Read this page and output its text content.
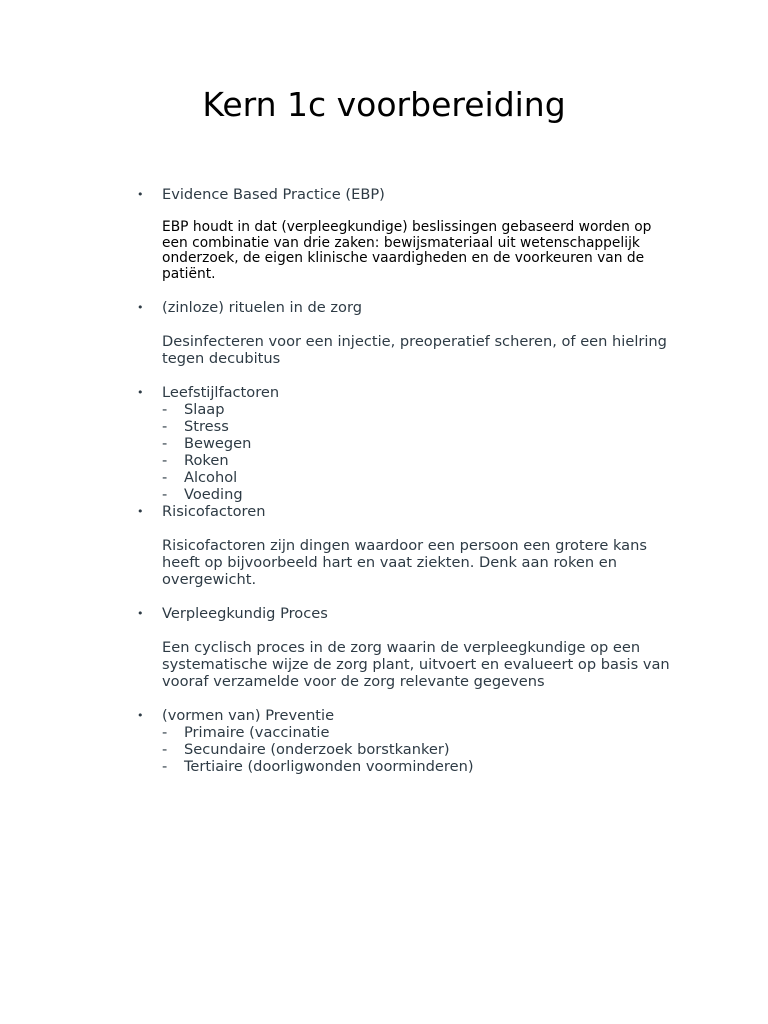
Kern 1c voorbereiding
•	Evidence Based Practice (EBP)
EBP houdt in dat (verpleegkundige) beslissingen gebaseerd worden op een combinatie van drie zaken: bewijsmateriaal uit wetenschappelijk onderzoek, de eigen klinische vaardigheden en de voorkeuren van de patiënt.
•	(zinloze) rituelen in de zorg
Desinfecteren voor een injectie, preoperatief scheren, of een hielring tegen decubitus
•	Leefstijlfactoren
-	Slaap
-	Stress
-	Bewegen
-	Roken
-	Alcohol
-	Voeding
•	Risicofactoren
Risicofactoren zijn dingen waardoor een persoon een grotere kans heeft op bijvoorbeeld hart en vaat ziekten. Denk aan roken en overgewicht.
•	Verpleegkundig Proces
Een cyclisch proces in de zorg waarin de verpleegkundige op een systematische wijze de zorg plant, uitvoert en evalueert op basis van vooraf verzamelde voor de zorg relevante gegevens
•	(vormen van) Preventie
-	Primaire (vaccinatie
-	Secundaire (onderzoek borstkanker)
-	Tertiaire (doorligwonden voorminderen)
